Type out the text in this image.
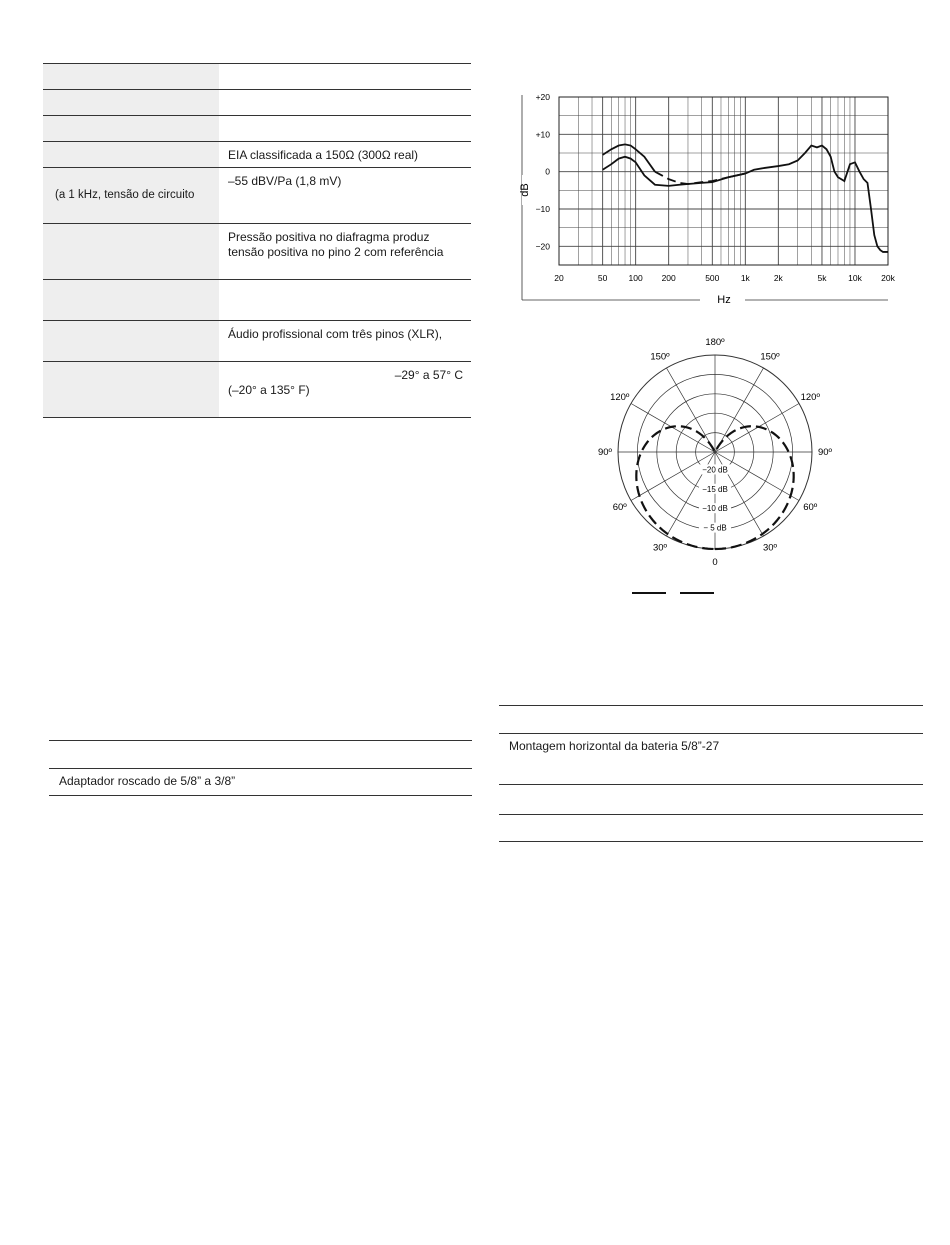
EIA classificada a 150Ω (300Ω real)
(a 1 kHz, tensão de circuito
–55 dBV/Pa (1,8 mV)
Pressão positiva no diafragma produz tensão positiva no pino 2 com referência
Áudio profissional com três pinos (XLR),
–29° a 57° C
(–20° a 135° F)
dB
Hz
20	50 100 200	500	1k	2k	5k	10k 20k
+20
+10
0
−10
−20
0
30º
30º
60º
60º
90º
90º
120º
120º
150º
150º
180º
−20 dB
−15 dB
−10 dB
− 5 dB
Adaptador roscado de 5/8” a 3/8”
Montagem horizontal da bateria 5/8”-27
